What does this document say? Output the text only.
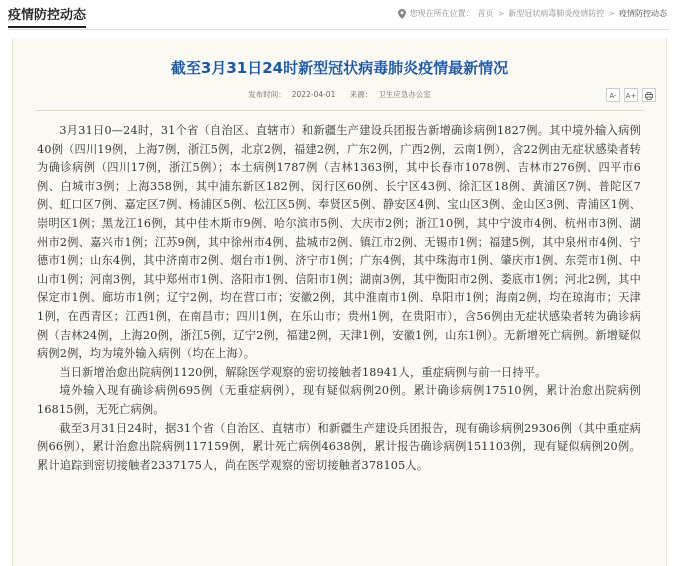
疫情防控动态	您现在所在位置： 首页 > 新型冠状病毒肺炎疫情防控 > 疫情防控动态
截至3月31日24时新型冠状病毒肺炎疫情最新情况
发布时间： 2022-04-01 来源： 卫生应急办公室	A-	A+

3月31日0—24时，31个省（自治区、直辖市）和新疆生产建设兵团报告新增确诊病例1827例。其中境外输入病例40例（四川19例，上海7例，浙江5例，北京2例，福建2例，广东2例，广西2例，云南1例），含22例由无症状感染者转为确诊病例（四川17例，浙江5例）；本土病例1787例（吉林1363例，其中长春市1078例、吉林市276例、四平市6例、白城市3例；上海358例，其中浦东新区182例、闵行区60例、长宁区43例、徐汇区18例、黄浦区7例、普陀区7例、虹口区7例、嘉定区7例、杨浦区5例、松江区5例、奉贤区5例、静安区4例、宝山区3例、金山区3例、青浦区1例、崇明区1例；黑龙江16例，其中佳木斯市9例、哈尔滨市5例、大庆市2例；浙江10例，其中宁波市4例、杭州市3例、湖州市2例、嘉兴市1例；江苏9例，其中徐州市4例、盐城市2例、镇江市2例、无锡市1例；福建5例，其中泉州市4例、宁德市1例；山东4例，其中济南市2例、烟台市1例、济宁市1例；广东4例，其中珠海市1例、肇庆市1例、东莞市1例、中山市1例；河南3例，其中郑州市1例、洛阳市1例、信阳市1例；湖南3例，其中衡阳市2例、娄底市1例；河北2例，其中保定市1例、廊坊市1例；辽宁2例，均在营口市；安徽2例，其中淮南市1例、阜阳市1例；海南2例，均在琼海市；天津1例，在西青区；江西1例，在南昌市；四川1例，在乐山市；贵州1例，在贵阳市），含56例由无症状感染者转为确诊病例（吉林24例，上海20例，浙江5例，辽宁2例，福建2例，天津1例，安徽1例，山东1例）。无新增死亡病例。新增疑似病例2例，均为境外输入病例（均在上海）。

当日新增治愈出院病例1120例，解除医学观察的密切接触者18941人，重症病例与前一日持平。

境外输入现有确诊病例695例（无重症病例），现有疑似病例20例。累计确诊病例17510例，累计治愈出院病例16815例，无死亡病例。

截至3月31日24时，据31个省（自治区、直辖市）和新疆生产建设兵团报告，现有确诊病例29306例（其中重症病例66例），累计治愈出院病例117159例，累计死亡病例4638例，累计报告确诊病例151103例，现有疑似病例20例。累计追踪到密切接触者2337175人，尚在医学观察的密切接触者378105人。
